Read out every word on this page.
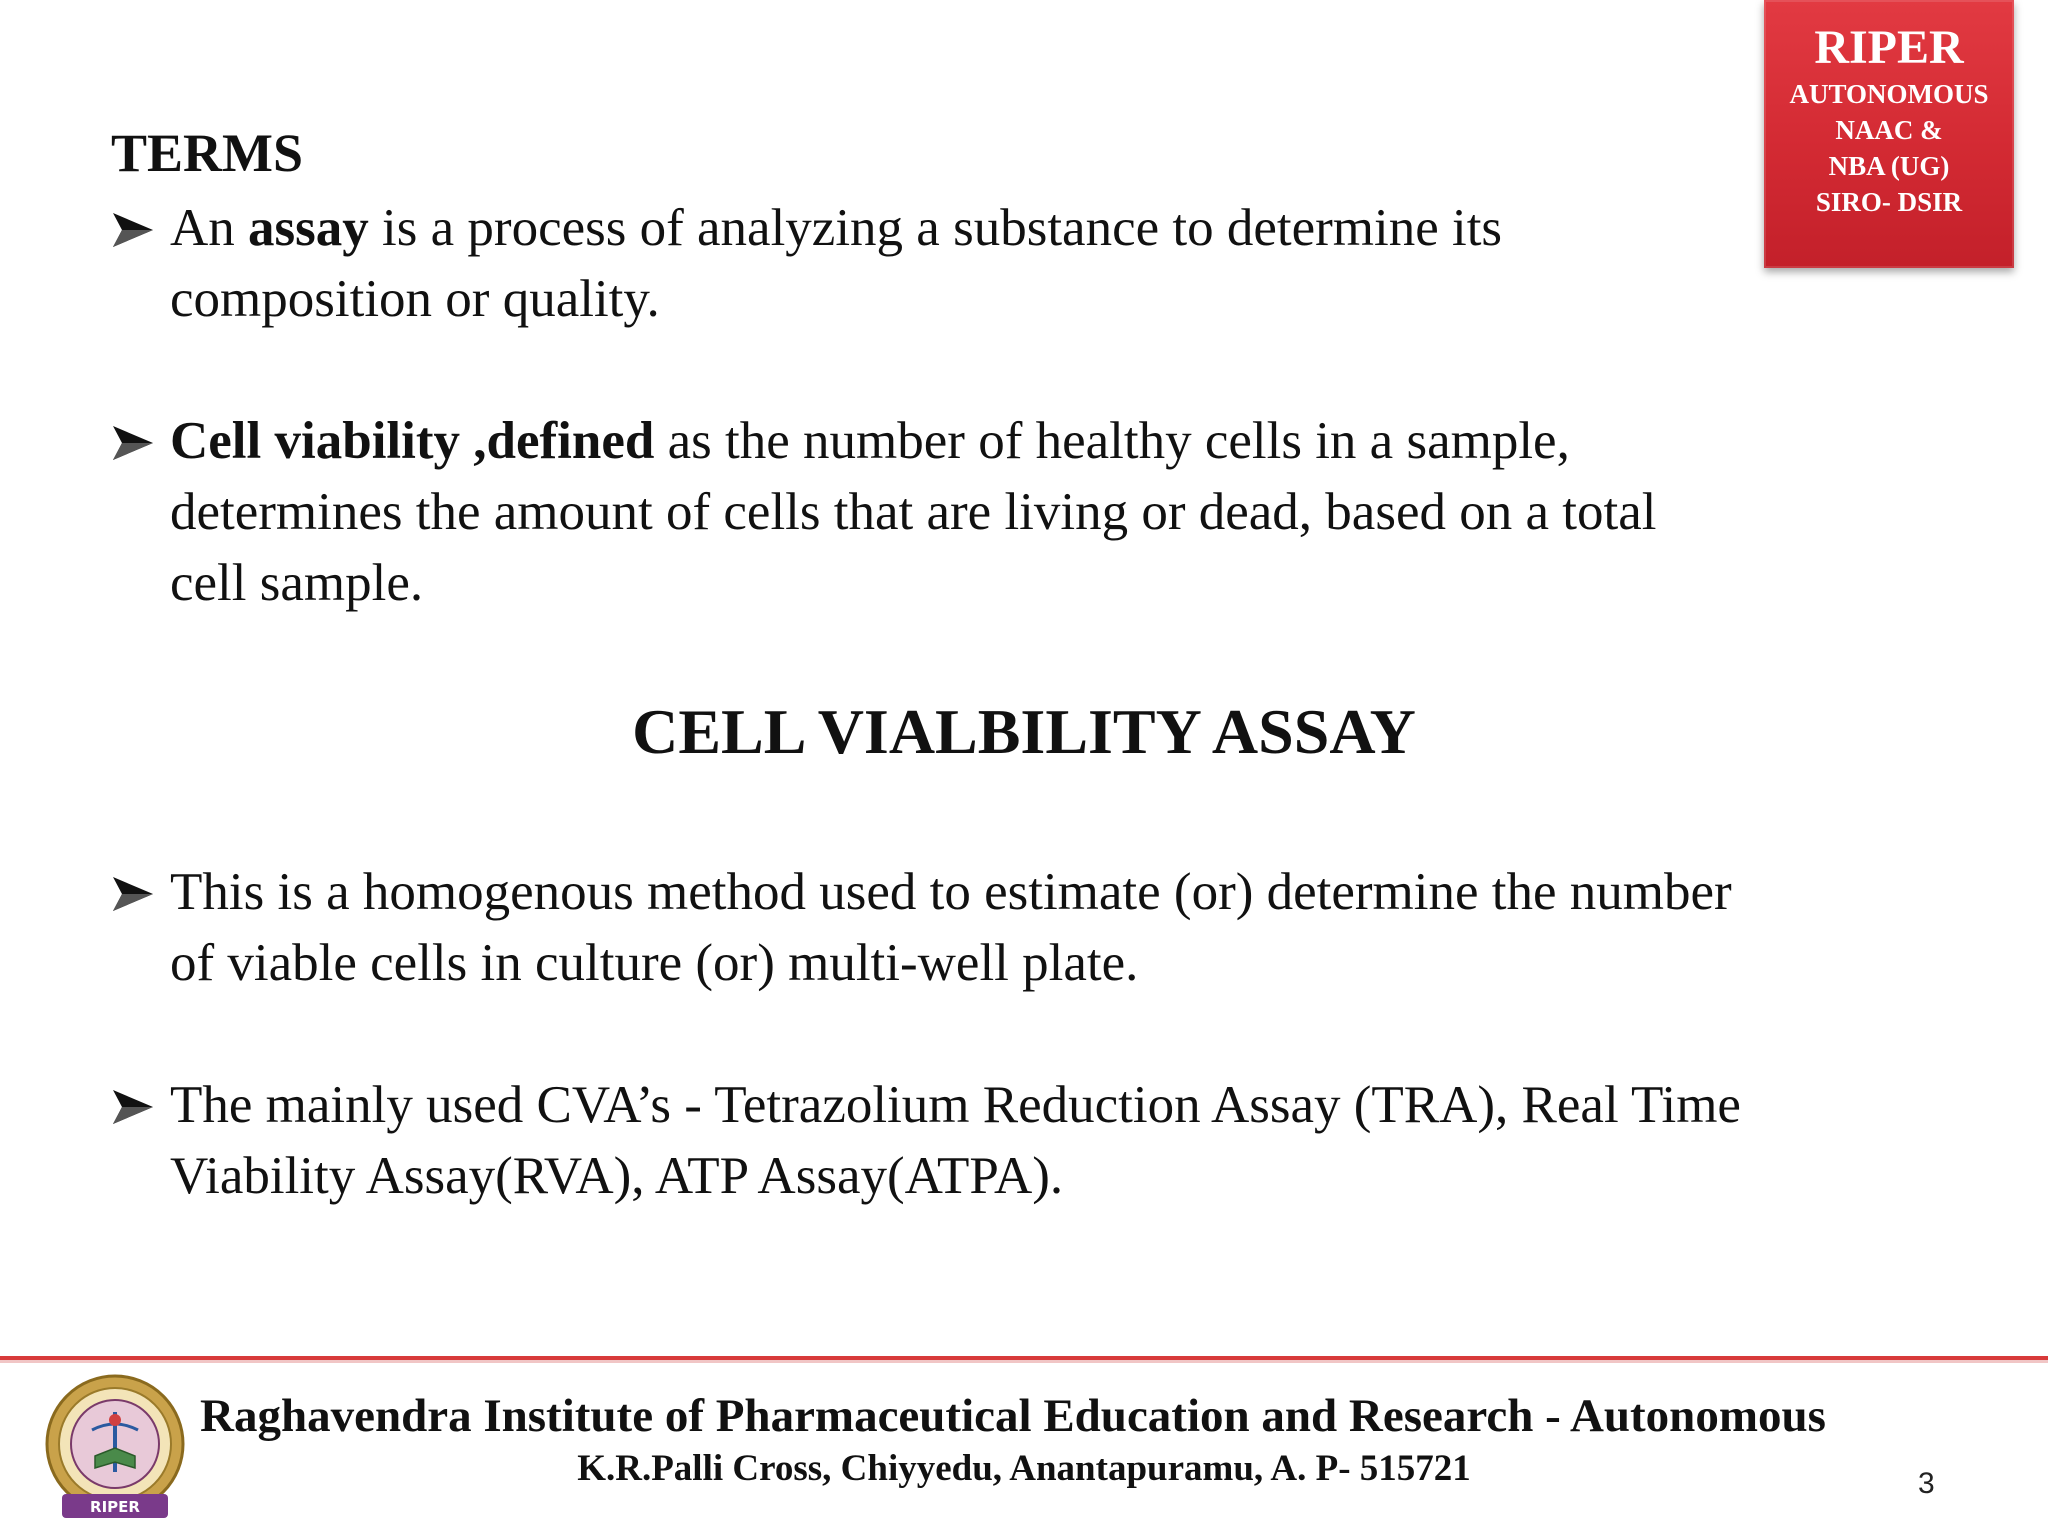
RIPER
AUTONOMOUS
NAAC &
NBA (UG)
SIRO- DSIR
TERMS
An assay is a process of analyzing a substance to determine its
composition or quality.
Cell viability ,defined as the number of healthy cells in a sample,
determines the amount of cells that are living or dead, based on a total
cell sample.
CELL VIALBILITY ASSAY
This is a homogenous method used to estimate (or) determine the number
of viable cells in culture (or) multi-well plate.
The mainly used CVA’s - Tetrazolium Reduction Assay (TRA), Real Time
Viability Assay(RVA), ATP Assay(ATPA).
RIPER
Raghavendra Institute of Pharmaceutical Education and Research - Autonomous
K.R.Palli Cross, Chiyyedu, Anantapuramu, A. P- 515721	3
